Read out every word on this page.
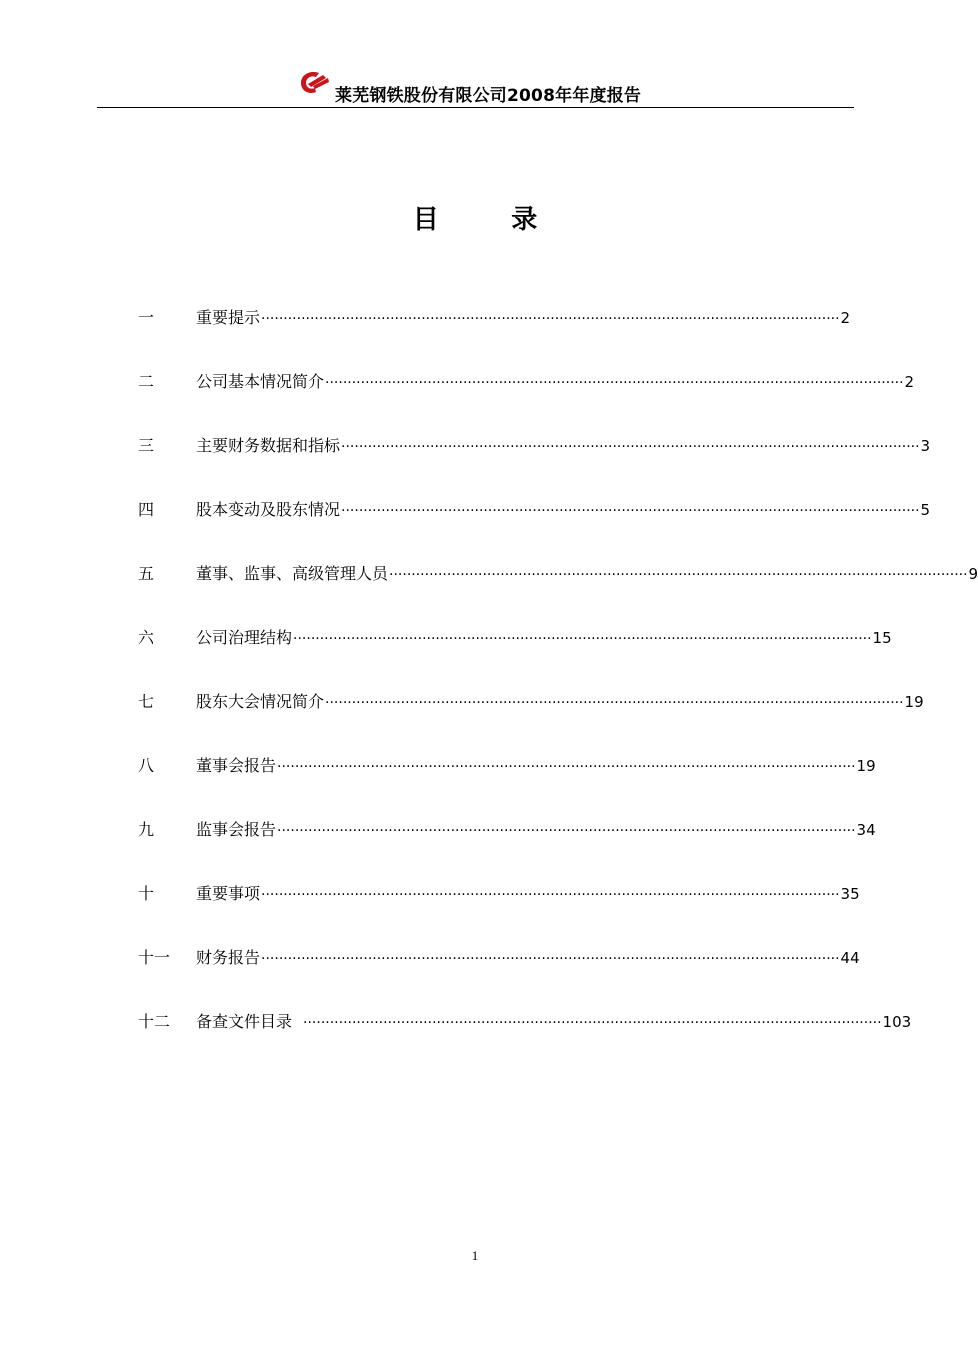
莱芜钢铁股份有限公司2008年年度报告
目        录
一	重要提示 ·································································································································· 2
二	公司基本情况简介 ·································································································································· 2
三	主要财务数据和指标 ·································································································································· 3
四	股本变动及股东情况 ·································································································································· 5
五	董事、监事、高级管理人员 ·································································································································· 9
六	公司治理结构 ·································································································································· 15
七	股东大会情况简介 ·································································································································· 19
八	董事会报告 ·································································································································· 19
九	监事会报告 ·································································································································· 34
十	重要事项 ·································································································································· 35
十一 财务报告 ·································································································································· 44
十二 备查文件目录 ·································································································································· 103
1
